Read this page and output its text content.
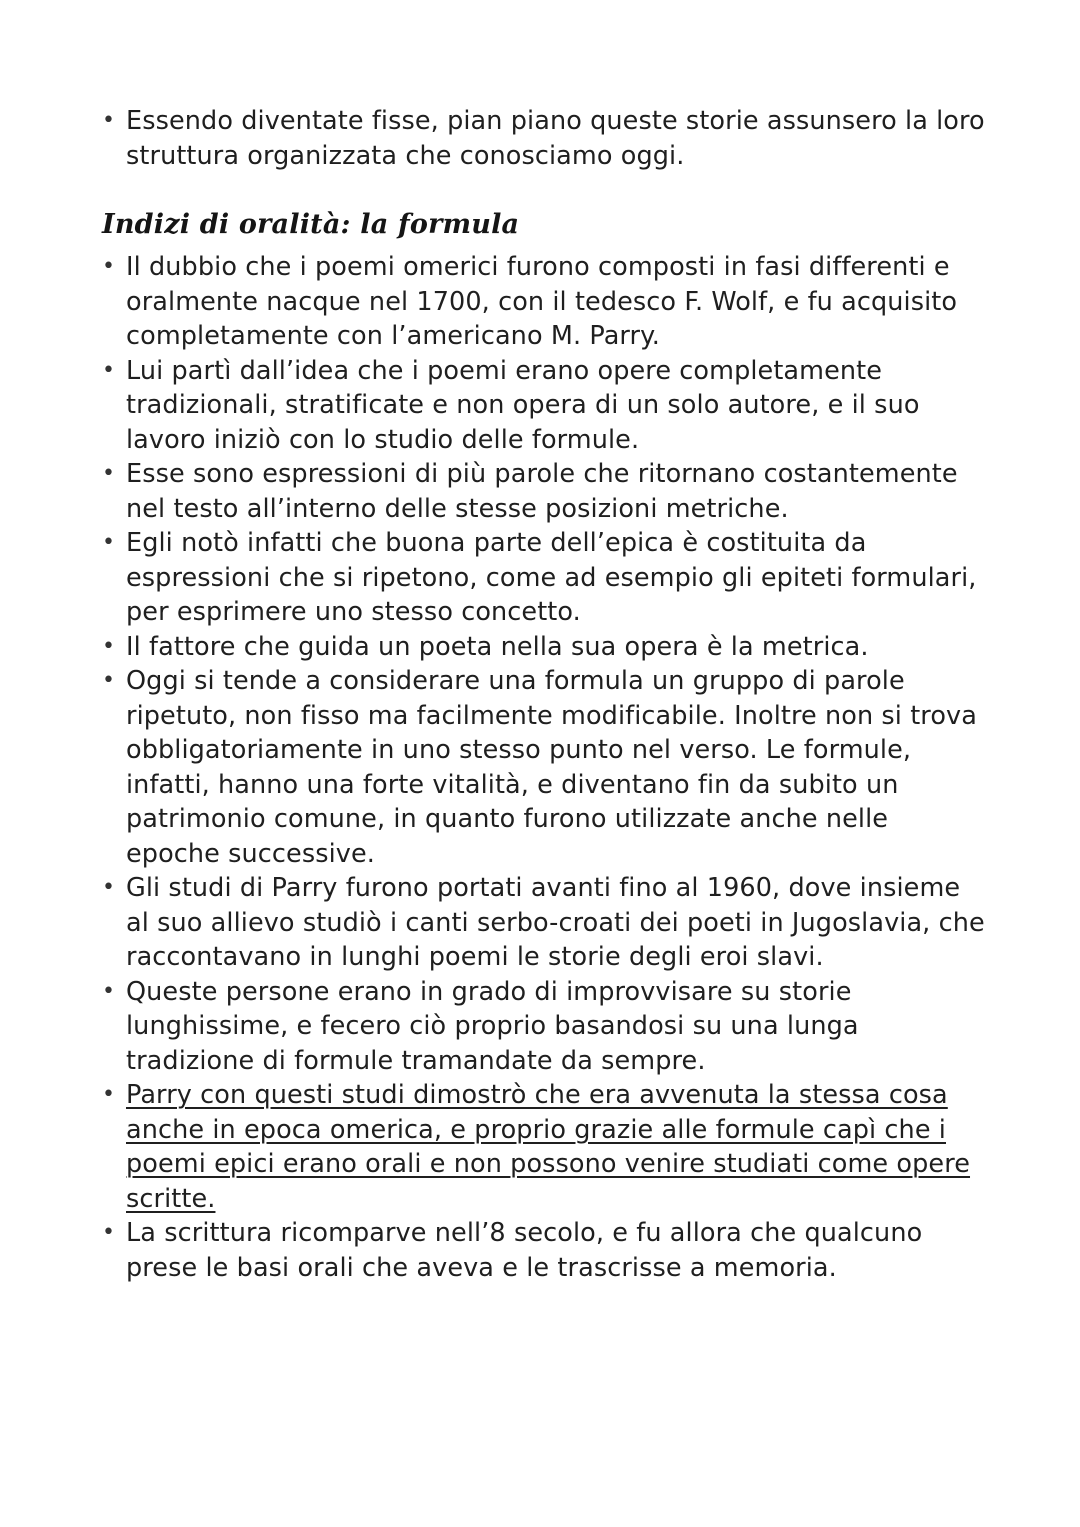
• Essendo diventate fisse, pian piano queste storie assunsero la loro struttura organizzata che conosciamo oggi.
Indizi di oralità: la formula
• Il dubbio che i poemi omerici furono composti in fasi differenti e oralmente nacque nel 1700, con il tedesco F. Wolf, e fu acquisito completamente con l’americano M. Parry.
• Lui partì dall’idea che i poemi erano opere completamente tradizionali, stratificate e non opera di un solo autore, e il suo lavoro iniziò con lo studio delle formule.
• Esse sono espressioni di più parole che ritornano costantemente nel testo all’interno delle stesse posizioni metriche.
• Egli notò infatti che buona parte dell’epica è costituita da espressioni che si ripetono, come ad esempio gli epiteti formulari, per esprimere uno stesso concetto.
• Il fattore che guida un poeta nella sua opera è la metrica.
• Oggi si tende a considerare una formula un gruppo di parole ripetuto, non fisso ma facilmente modificabile. Inoltre non si trova obbligatoriamente in uno stesso punto nel verso. Le formule, infatti, hanno una forte vitalità, e diventano fin da subito un patrimonio comune, in quanto furono utilizzate anche nelle epoche successive.
• Gli studi di Parry furono portati avanti fino al 1960, dove insieme al suo allievo studiò i canti serbo-croati dei poeti in Jugoslavia, che raccontavano in lunghi poemi le storie degli eroi slavi.
• Queste persone erano in grado di improvvisare su storie lunghissime, e fecero ciò proprio basandosi su una lunga tradizione di formule tramandate da sempre.
• Parry con questi studi dimostrò che era avvenuta la stessa cosa anche in epoca omerica, e proprio grazie alle formule capì che i poemi epici erano orali e non possono venire studiati come opere scritte.
• La scrittura ricomparve nell’8 secolo, e fu allora che qualcuno prese le basi orali che aveva e le trascrisse a memoria.
